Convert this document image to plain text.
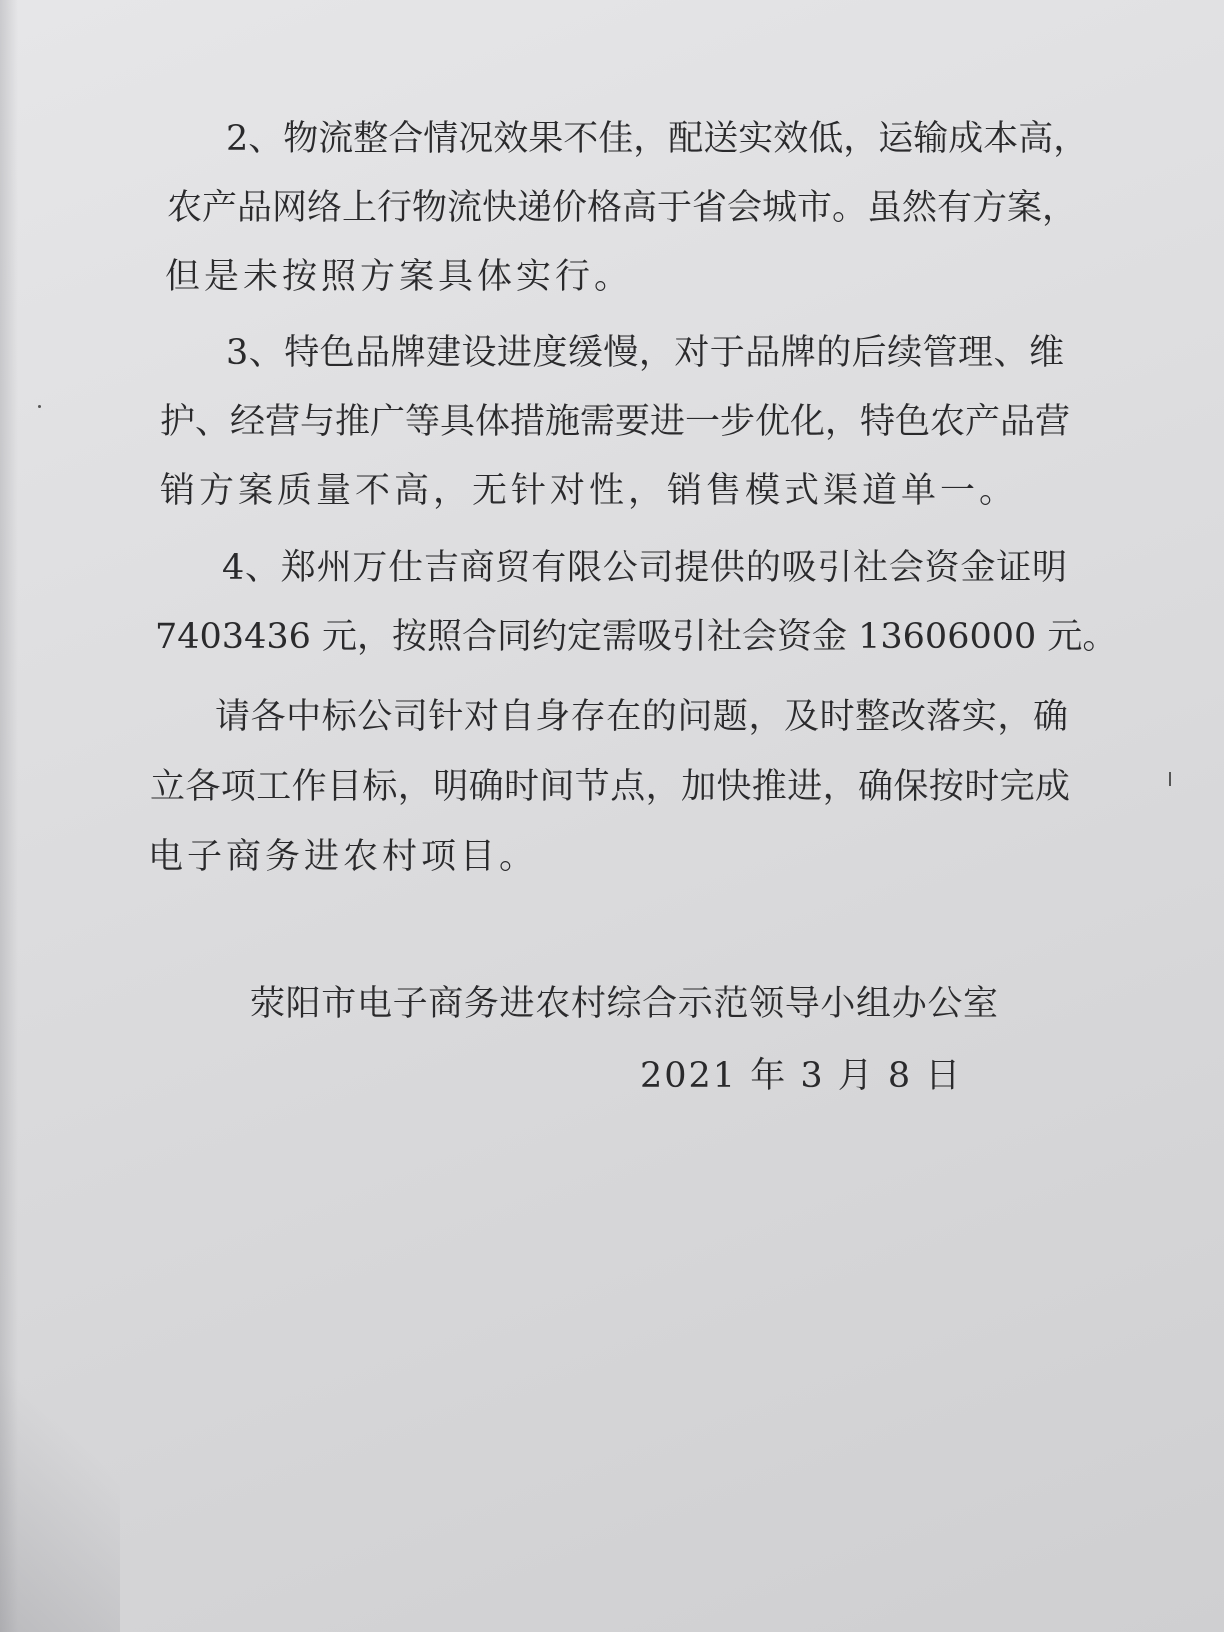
2、物流整合情况效果不佳，配送实效低，运输成本高，

农产品网络上行物流快递价格高于省会城市。虽然有方案，

但是未按照方案具体实行。

3、特色品牌建设进度缓慢，对于品牌的后续管理、维

护、经营与推广等具体措施需要进一步优化，特色农产品营

销方案质量不高，无针对性，销售模式渠道单一。

4、郑州万仕吉商贸有限公司提供的吸引社会资金证明

7403436 元，按照合同约定需吸引社会资金 13606000 元。

请各中标公司针对自身存在的问题，及时整改落实，确

立各项工作目标，明确时间节点，加快推进，确保按时完成

电子商务进农村项目。

荥阳市电子商务进农村综合示范领导小组办公室

2021 年 3 月 8 日
